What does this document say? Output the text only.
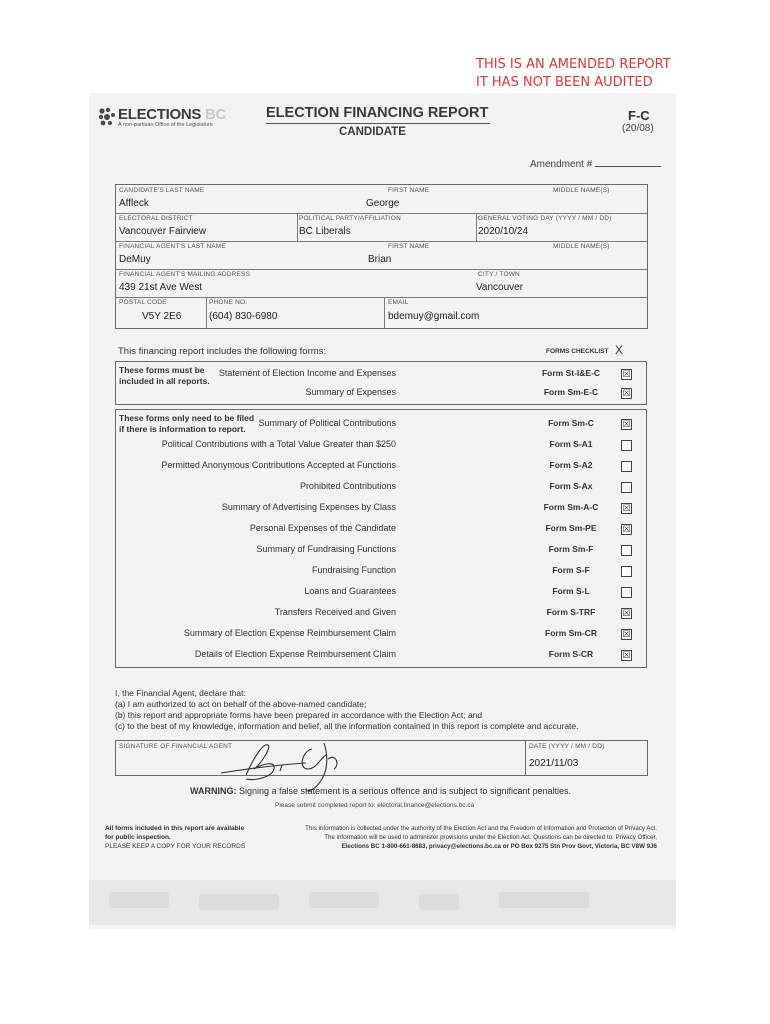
THIS IS AN AMENDED REPORT
IT HAS NOT BEEN AUDITED
ELECTIONS BC
A non-partisan Office of the Legislature
ELECTION FINANCING REPORT
CANDIDATE
F-C
(20/08)
Amendment #
CANDIDATE'S LAST NAME
Affleck
FIRST NAME
George
MIDDLE NAME(S)
ELECTORAL DISTRICT
Vancouver Fairview
POLITICAL PARTY/AFFILIATION
BC Liberals
GENERAL VOTING DAY (YYYY / MM / DD)
2020/10/24
FINANCIAL AGENT'S LAST NAME
DeMuy
FIRST NAME
Brian
MIDDLE NAME(S)
FINANCIAL AGENT'S MAILING ADDRESS
439 21st Ave West
CITY / TOWN
Vancouver
POSTAL CODE
V5Y 2E6
PHONE NO.
(604) 830-6980
EMAIL
bdemuy@gmail.com
This financing report includes the following forms:	FORMS CHECKLIST X
These forms must be
included in all reports.
Statement of Election Income and Expenses	Form St-I&E-C	☒
Summary of Expenses	Form Sm-E-C	☒
These forms only need to be filed
if there is information to report.
Summary of Political Contributions	Form Sm-C	☒
Political Contributions with a Total Value Greater than $250	Form S-A1
Permitted Anonymous Contributions Accepted at Functions	Form S-A2
Prohibited Contributions	Form S-Ax
Summary of Advertising Expenses by Class	Form Sm-A-C	☒
Personal Expenses of the Candidate	Form Sm-PE	☒
Summary of Fundraising Functions	Form Sm-F
Fundraising Function	Form S-F
Loans and Guarantees	Form S-L
Transfers Received and Given	Form S-TRF	☒
Summary of Election Expense Reimbursement Claim	Form Sm-CR	☒
Details of Election Expense Reimbursement Claim	Form S-CR	☒
I, the Financial Agent, declare that:
(a) I am authorized to act on behalf of the above-named candidate;
(b) this report and appropriate forms have been prepared in accordance with the Election Act; and
(c) to the best of my knowledge, information and belief, all the information contained in this report is complete and accurate.
SIGNATURE OF FINANCIAL AGENT	DATE (YYYY / MM / DD)
2021/11/03
WARNING: Signing a false statement is a serious offence and is subject to significant penalties.
Please submit completed report to: electoral.finance@elections.bc.ca
All forms included in this report are available
for public inspection.
PLEASE KEEP A COPY FOR YOUR RECORDS
This information is collected under the authority of the Election Act and the Freedom of Information and Protection of Privacy Act.
The information will be used to administer provisions under the Election Act. Questions can be directed to: Privacy Officer,
Elections BC 1-800-661-8683, privacy@elections.bc.ca or PO Box 9275 Stn Prov Govt, Victoria, BC V8W 9J6
